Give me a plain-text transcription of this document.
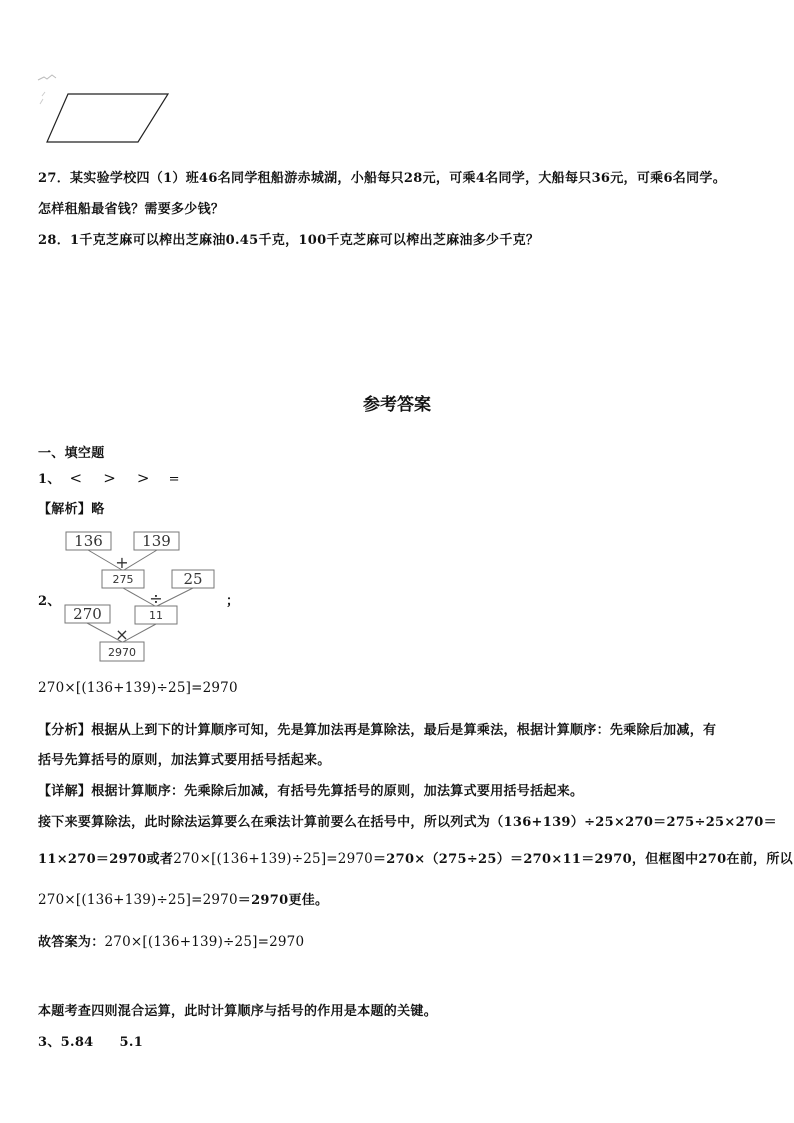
27．某实验学校四（1）班46名同学租船游赤城湖，小船每只28元，可乘4名同学，大船每只36元，可乘6名同学。
怎样租船最省钱？需要多少钱？
28．1千克芝麻可以榨出芝麻油0.45千克，100千克芝麻可以榨出芝麻油多少千克？
参考答案
一、填空题
1、 < > > =
【解析】略
2、	；
136	139
+
275	25
÷
270	11
×
2970
270×[(136+139)÷25]=2970
【分析】根据从上到下的计算顺序可知，先是算加法再是算除法，最后是算乘法，根据计算顺序：先乘除后加减，有
括号先算括号的原则，加法算式要用括号括起来。
【详解】根据计算顺序：先乘除后加减，有括号先算括号的原则，加法算式要用括号括起来。
接下来要算除法，此时除法运算要么在乘法计算前要么在括号中，所以列式为（136+139）÷25×270＝275÷25×270＝
11×270＝2970或者270×[(136+139)÷25]=2970＝270×（275÷25）＝270×11＝2970，但框图中270在前，所以
270×[(136+139)÷25]=2970＝2970更佳。
故答案为：270×[(136+139)÷25]=2970
本题考查四则混合运算，此时计算顺序与括号的作用是本题的关键。
3、5.84 5.1
